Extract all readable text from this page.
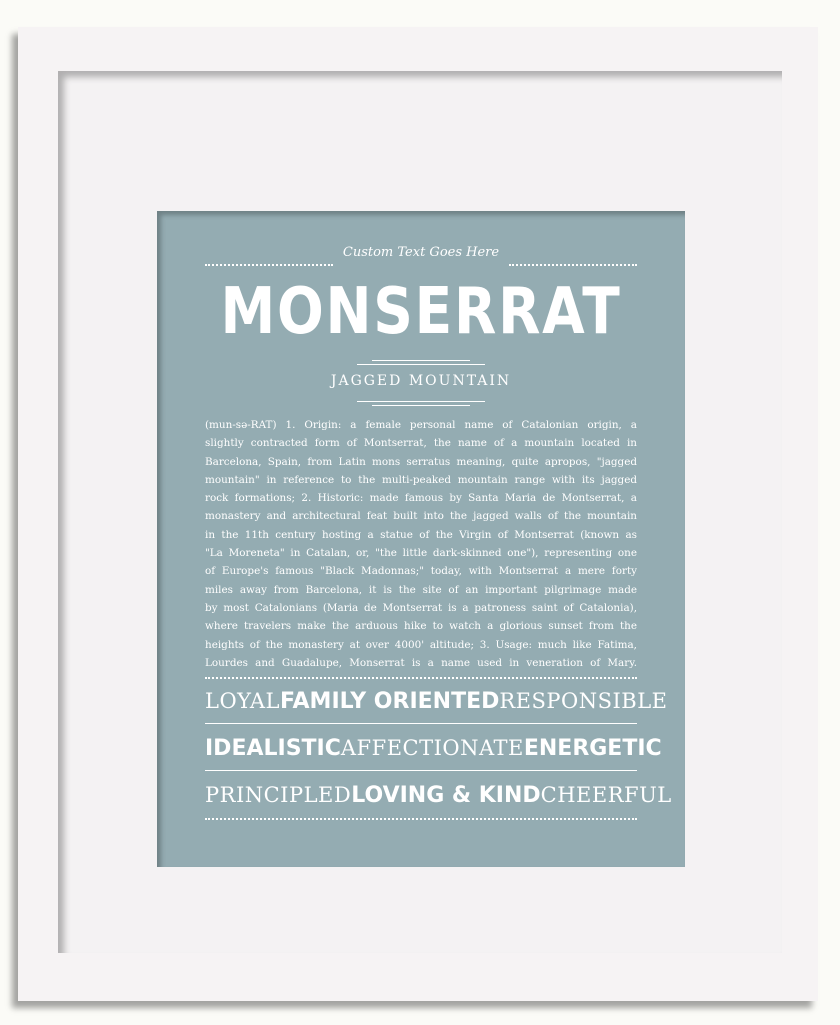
Custom Text Goes Here
MONSERRAT
JAGGED MOUNTAIN
(mun-sə-RAT) 1. Origin: a female personal name of Catalonian origin, a
slightly contracted form of Montserrat, the name of a mountain located in
Barcelona, Spain, from Latin mons serratus meaning, quite apropos, "jagged
mountain" in reference to the multi-peaked mountain range with its jagged
rock formations; 2. Historic: made famous by Santa Maria de Montserrat, a
monastery and architectural feat built into the jagged walls of the mountain
in the 11th century hosting a statue of the Virgin of Montserrat (known as
"La Moreneta" in Catalan, or, "the little dark-skinned one"), representing one
of Europe's famous "Black Madonnas;" today, with Montserrat a mere forty
miles away from Barcelona, it is the site of an important pilgrimage made
by most Catalonians (Maria de Montserrat is a patroness saint of Catalonia),
where travelers make the arduous hike to watch a glorious sunset from the
heights of the monastery at over 4000' altitude; 3. Usage: much like Fatima,
Lourdes and Guadalupe, Monserrat is a name used in veneration of Mary.
LOYAL FAMILY ORIENTED RESPONSIBLE
IDEALISTIC AFFECTIONATE ENERGETIC
PRINCIPLED LOVING & KIND CHEERFUL
